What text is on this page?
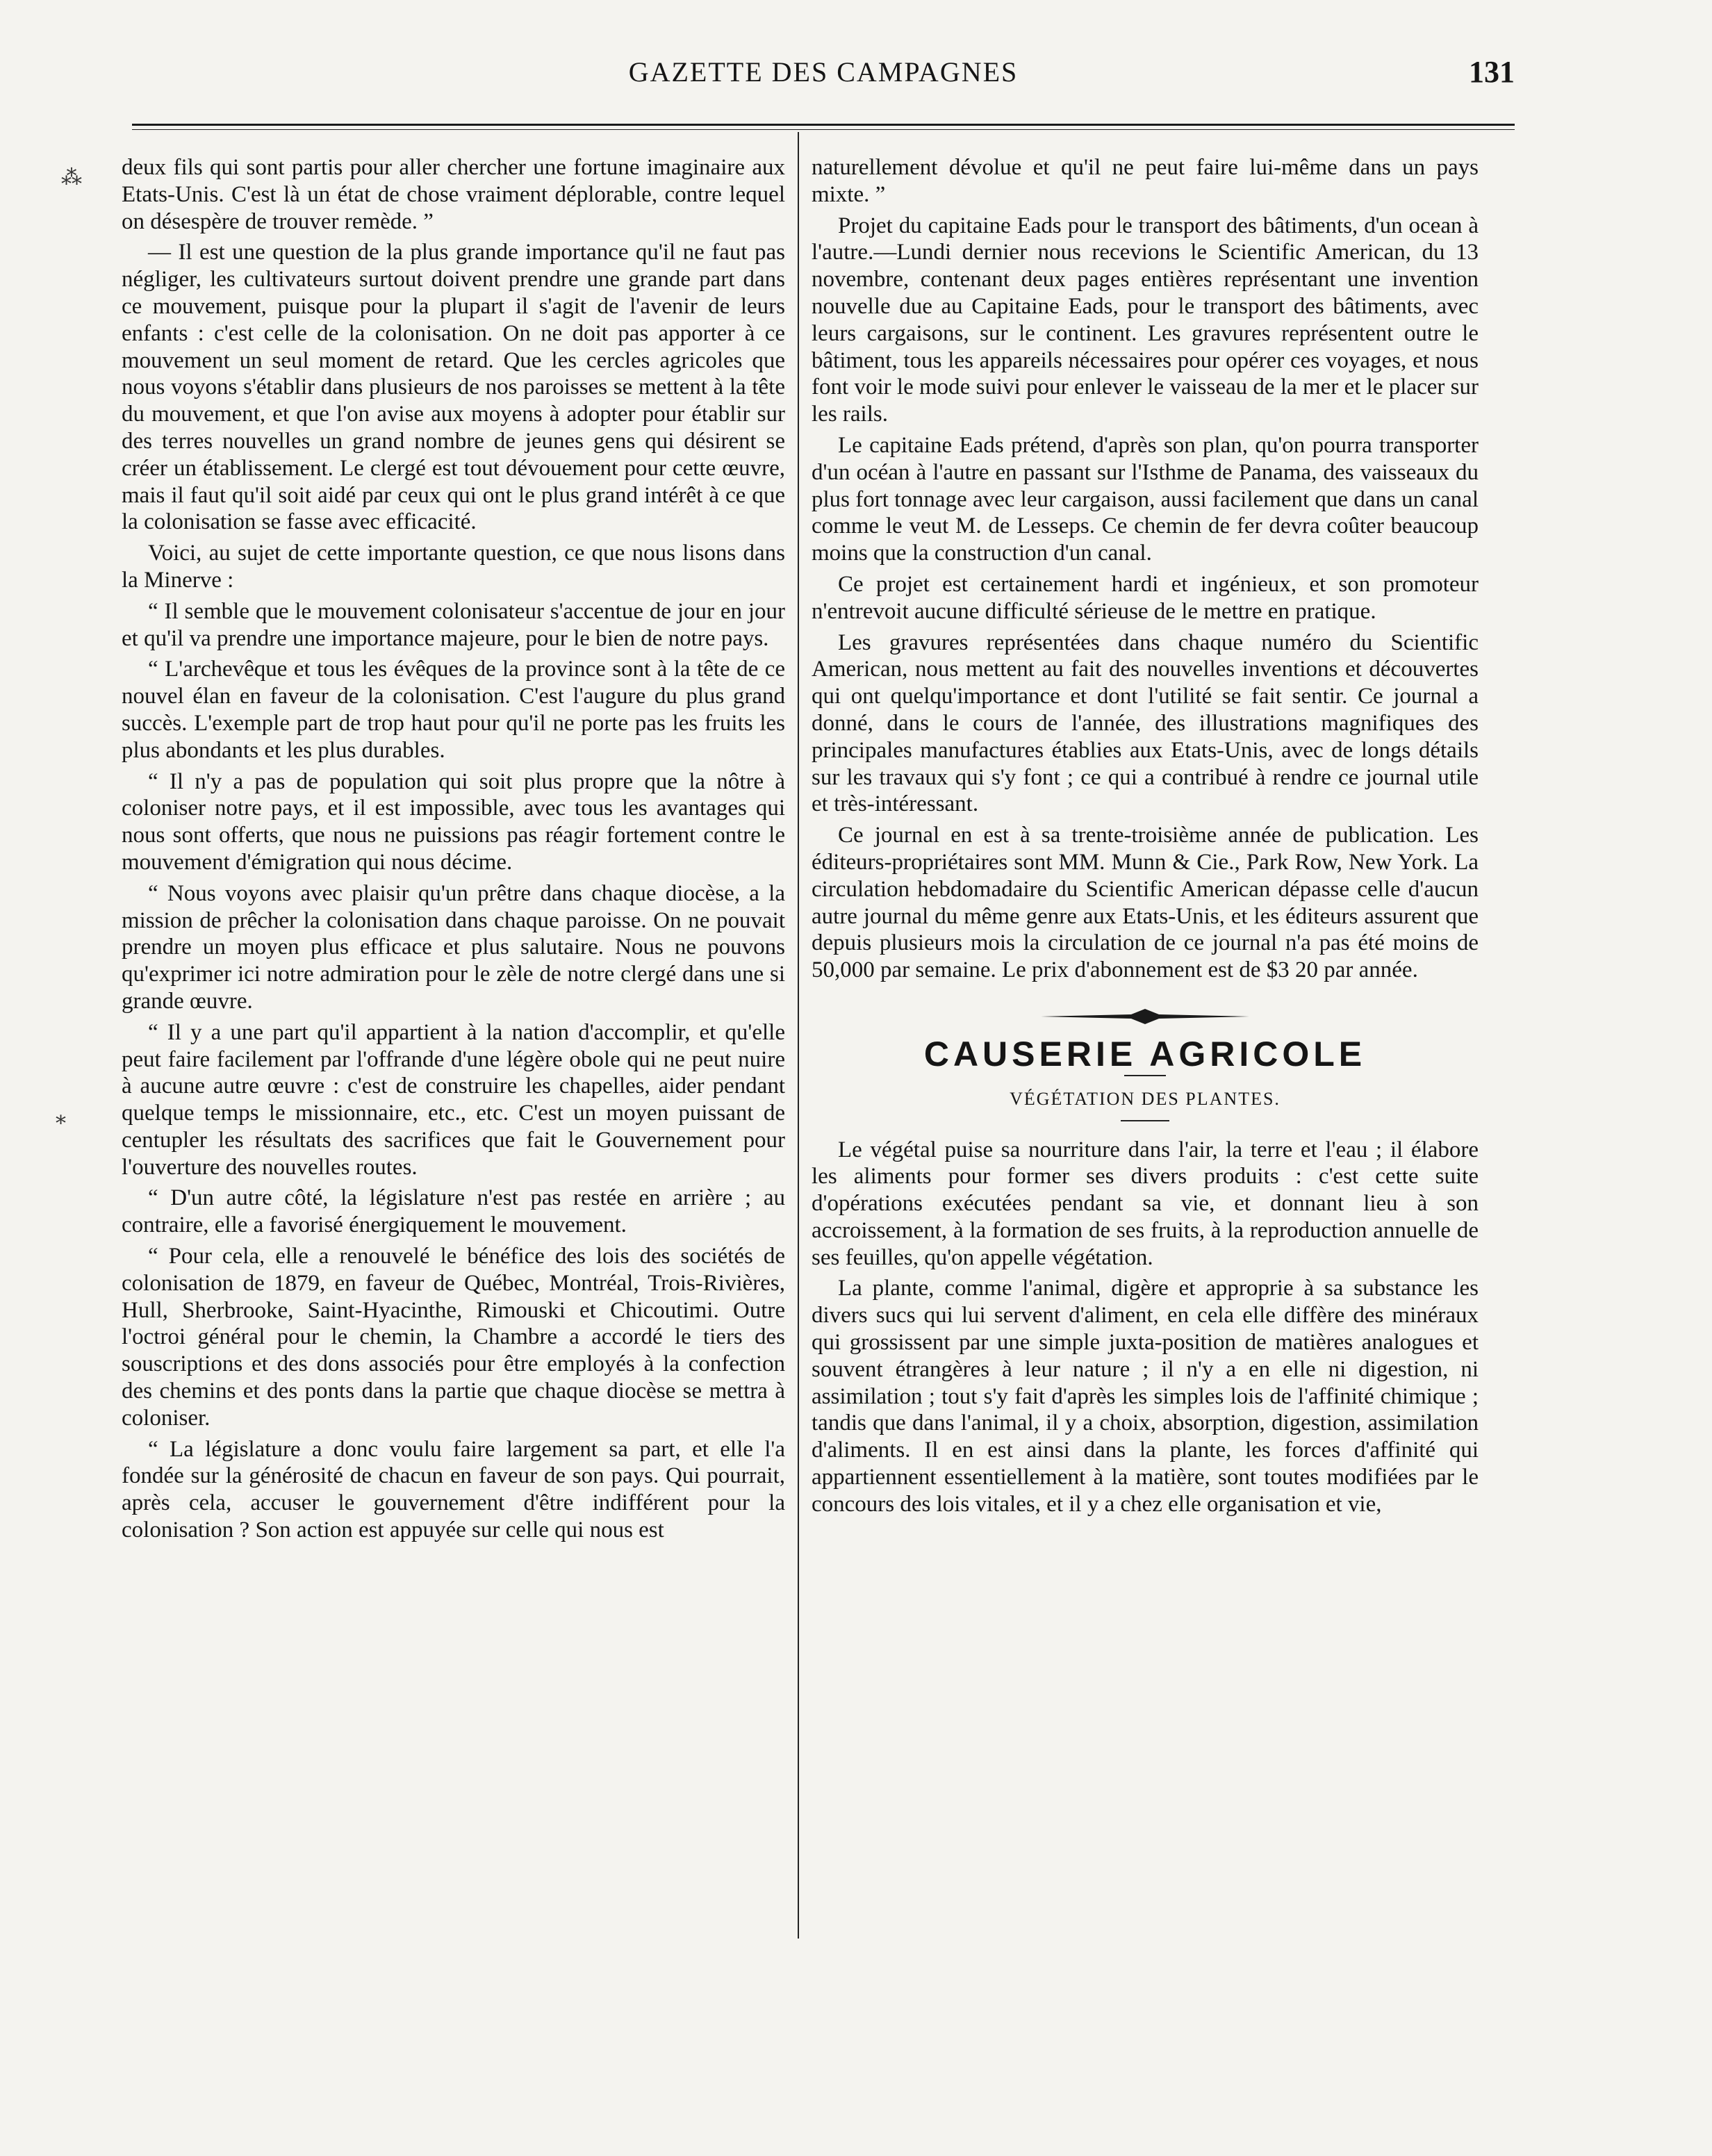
GAZETTE DES CAMPAGNES	131
⁂
⁎

deux fils qui sont partis pour aller chercher une fortune imaginaire aux Etats-Unis. C'est là un état de chose vraiment déplorable, contre lequel on désespère de trouver remède. ”

— Il est une question de la plus grande importance qu'il ne faut pas négliger, les cultivateurs surtout doivent prendre une grande part dans ce mouvement, puisque pour la plupart il s'agit de l'avenir de leurs enfants : c'est celle de la colonisation. On ne doit pas apporter à ce mouvement un seul moment de retard. Que les cercles agricoles que nous voyons s'établir dans plusieurs de nos paroisses se mettent à la tête du mouvement, et que l'on avise aux moyens à adopter pour établir sur des terres nouvelles un grand nombre de jeunes gens qui désirent se créer un établissement. Le clergé est tout dévouement pour cette œuvre, mais il faut qu'il soit aidé par ceux qui ont le plus grand intérêt à ce que la colonisation se fasse avec efficacité.

Voici, au sujet de cette importante question, ce que nous lisons dans la Minerve :

“ Il semble que le mouvement colonisateur s'accentue de jour en jour et qu'il va prendre une importance majeure, pour le bien de notre pays.

“ L'archevêque et tous les évêques de la province sont à la tête de ce nouvel élan en faveur de la colonisation. C'est l'augure du plus grand succès. L'exemple part de trop haut pour qu'il ne porte pas les fruits les plus abondants et les plus durables.

“ Il n'y a pas de population qui soit plus propre que la nôtre à coloniser notre pays, et il est impossible, avec tous les avantages qui nous sont offerts, que nous ne puissions pas réagir fortement contre le mouvement d'émigration qui nous décime.

“ Nous voyons avec plaisir qu'un prêtre dans chaque diocèse, a la mission de prêcher la colonisation dans chaque paroisse. On ne pouvait prendre un moyen plus efficace et plus salutaire. Nous ne pouvons qu'exprimer ici notre admiration pour le zèle de notre clergé dans une si grande œuvre.

“ Il y a une part qu'il appartient à la nation d'accomplir, et qu'elle peut faire facilement par l'offrande d'une légère obole qui ne peut nuire à aucune autre œuvre : c'est de construire les chapelles, aider pendant quelque temps le missionnaire, etc., etc. C'est un moyen puissant de centupler les résultats des sacrifices que fait le Gouvernement pour l'ouverture des nouvelles routes.

“ D'un autre côté, la législature n'est pas restée en arrière ; au contraire, elle a favorisé énergiquement le mouvement.

“ Pour cela, elle a renouvelé le bénéfice des lois des sociétés de colonisation de 1879, en faveur de Québec, Montréal, Trois-Rivières, Hull, Sherbrooke, Saint-Hyacinthe, Rimouski et Chicoutimi. Outre l'octroi général pour le chemin, la Chambre a accordé le tiers des souscriptions et des dons associés pour être employés à la confection des chemins et des ponts dans la partie que chaque diocèse se mettra à coloniser.

“ La législature a donc voulu faire largement sa part, et elle l'a fondée sur la générosité de chacun en faveur de son pays. Qui pourrait, après cela, accuser le gouvernement d'être indifférent pour la colonisation ? Son action est appuyée sur celle qui nous est

naturellement dévolue et qu'il ne peut faire lui-même dans un pays mixte. ”

Projet du capitaine Eads pour le transport des bâtiments, d'un ocean à l'autre.—Lundi dernier nous recevions le Scientific American, du 13 novembre, contenant deux pages entières représentant une invention nouvelle due au Capitaine Eads, pour le transport des bâtiments, avec leurs cargaisons, sur le continent. Les gravures représentent outre le bâtiment, tous les appareils nécessaires pour opérer ces voyages, et nous font voir le mode suivi pour enlever le vaisseau de la mer et le placer sur les rails.

Le capitaine Eads prétend, d'après son plan, qu'on pourra transporter d'un océan à l'autre en passant sur l'Isthme de Panama, des vaisseaux du plus fort tonnage avec leur cargaison, aussi facilement que dans un canal comme le veut M. de Lesseps. Ce chemin de fer devra coûter beaucoup moins que la construction d'un canal.

Ce projet est certainement hardi et ingénieux, et son promoteur n'entrevoit aucune difficulté sérieuse de le mettre en pratique.

Les gravures représentées dans chaque numéro du Scientific American, nous mettent au fait des nouvelles inventions et découvertes qui ont quelqu'importance et dont l'utilité se fait sentir. Ce journal a donné, dans le cours de l'année, des illustrations magnifiques des principales manufactures établies aux Etats-Unis, avec de longs détails sur les travaux qui s'y font ; ce qui a contribué à rendre ce journal utile et très-intéressant.

Ce journal en est à sa trente-troisième année de publication. Les éditeurs-propriétaires sont MM. Munn & Cie., Park Row, New York. La circulation hebdomadaire du Scientific American dépasse celle d'aucun autre journal du même genre aux Etats-Unis, et les éditeurs assurent que depuis plusieurs mois la circulation de ce journal n'a pas été moins de 50,000 par semaine. Le prix d'abonnement est de $3 20 par année.

CAUSERIE AGRICOLE
VÉGÉTATION DES PLANTES.

Le végétal puise sa nourriture dans l'air, la terre et l'eau ; il élabore les aliments pour former ses divers produits : c'est cette suite d'opérations exécutées pendant sa vie, et donnant lieu à son accroissement, à la formation de ses fruits, à la reproduction annuelle de ses feuilles, qu'on appelle végétation.

La plante, comme l'animal, digère et approprie à sa substance les divers sucs qui lui servent d'aliment, en cela elle diffère des minéraux qui grossissent par une simple juxta-position de matières analogues et souvent étrangères à leur nature ; il n'y a en elle ni digestion, ni assimilation ; tout s'y fait d'après les simples lois de l'affinité chimique ; tandis que dans l'animal, il y a choix, absorption, digestion, assimilation d'aliments. Il en est ainsi dans la plante, les forces d'affinité qui appartiennent essentiellement à la matière, sont toutes modifiées par le concours des lois vitales, et il y a chez elle organisation et vie,
